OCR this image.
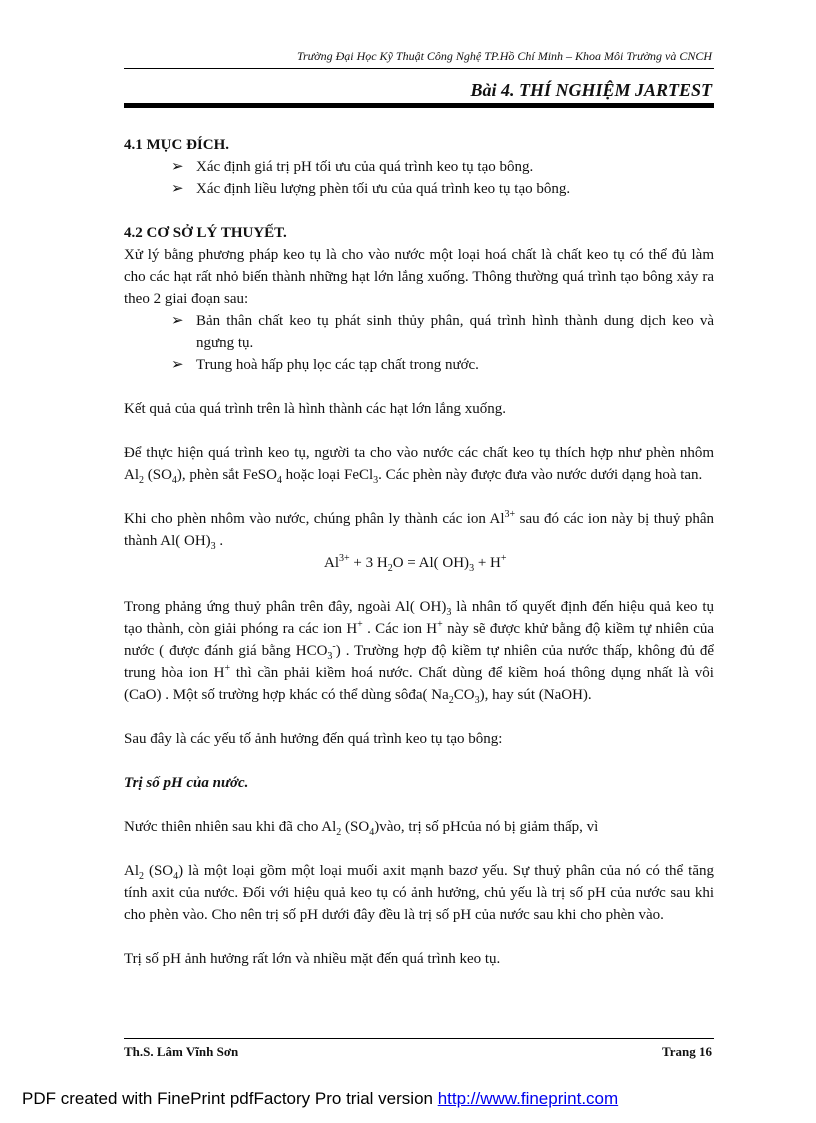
Trường Đại Học Kỹ Thuật Công Nghệ TP.Hồ Chí Minh – Khoa Môi Trường và CNCH
Bài 4. THÍ NGHIỆM JARTEST

4.1 MỤC ĐÍCH.

➢ Xác định giá trị pH tối ưu của quá trình keo tụ tạo bông.
➢ Xác định liều lượng phèn tối ưu của quá trình keo tụ tạo bông.

4.2 CƠ SỞ LÝ THUYẾT.

Xử lý bằng phương pháp keo tụ là cho vào nước một loại hoá chất là chất keo tụ có thể đủ làm cho các hạt rất nhỏ biến thành những hạt lớn lắng xuống. Thông thường quá trình tạo bông xảy ra theo 2 giai đoạn sau:

➢ Bản thân chất keo tụ phát sinh thủy phân, quá trình hình thành dung dịch keo và ngưng tụ.
➢ Trung hoà hấp phụ lọc các tạp chất trong nước.

Kết quả của quá trình trên là hình thành các hạt lớn lắng xuống.

Để thực hiện quá trình keo tụ, người ta cho vào nước các chất keo tụ thích hợp như phèn nhôm $Al_2$ $(SO_4)$, phèn sắt FeSO$_4$ hoặc loại FeCl$_3$. Các phèn này được đưa vào nước dưới dạng hoà tan.

Khi cho phèn nhôm vào nước, chúng phân ly thành các ion $Al^{3+}$ sau đó các ion này bị thuỷ phân thành Al( $OH)_3$ .

$Al^{3+} + 3$ $H_2O = Al$( $OH)_3 + H^+$

Trong phảng ứng thuỷ phân trên đây, ngoài Al( $OH)_3$ là nhân tố quyết định đến hiệu quả keo tụ tạo thành, còn giải phóng ra các ion H+ . Các ion H+ này sẽ được khử bằng độ kiềm tự nhiên của nước ( được đánh giá bằng $HCO_3^-$) . Trường hợp độ kiềm tự nhiên của nước thấp, không đủ để trung hòa ion H+ thì cần phải kiềm hoá nước. Chất dùng để kiềm hoá thông dụng nhất là vôi (CaO) . Một số trường hợp khác có thể dùng sôđa( $Na_2CO_3$), hay sút (NaOH).

Sau đây là các yếu tố ảnh hưởng đến quá trình keo tụ tạo bông:

Trị số pH của nước.

Nước thiên nhiên sau khi đã cho $Al_2$ $(SO_4)vào$, trị số pHcủa nó bị giảm thấp, vì

$Al_2$ $(SO_4)$ là một loại gồm một loại muối axit mạnh bazơ yếu. Sự thuỷ phân của nó có thể tăng tính axit của nước. Đối với hiệu quả keo tụ có ảnh hưởng, chủ yếu là trị số pH của nước sau khi cho phèn vào. Cho nên trị số pH dưới đây đều là trị số pH của nước sau khi cho phèn vào.

Trị số pH ảnh hưởng rất lớn và nhiều mặt đến quá trình keo tụ.

Th.S. Lâm Vĩnh Sơn	Trang 16
PDF created with FinePrint pdfFactory Pro trial version http://www.fineprint.com
